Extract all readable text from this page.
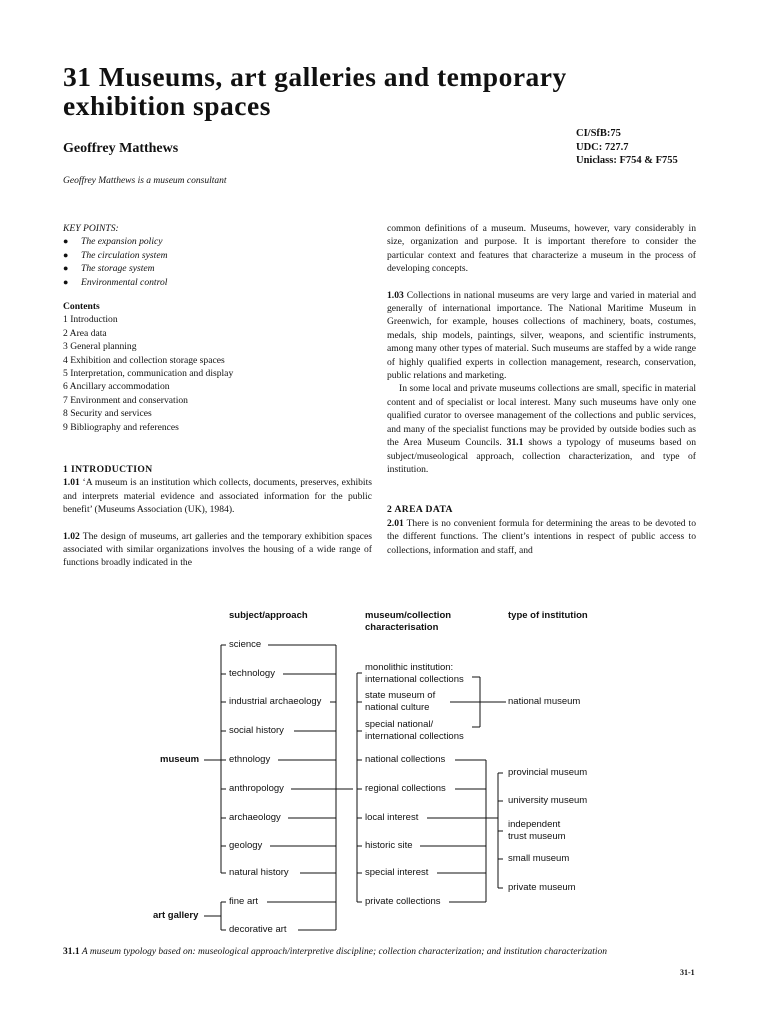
31 Museums, art galleries and temporary exhibition spaces
Geoffrey Matthews
CI/SfB:75
UDC: 727.7
Uniclass: F754 & F755
Geoffrey Matthews is a museum consultant
KEY POINTS:
● The expansion policy
● The circulation system
● The storage system
● Environmental control
Contents
1 Introduction
2 Area data
3 General planning
4 Exhibition and collection storage spaces
5 Interpretation, communication and display
6 Ancillary accommodation
7 Environment and conservation
8 Security and services
9 Bibliography and references
1 INTRODUCTION

1.01 ‘A museum is an institution which collects, documents, preserves, exhibits and interprets material evidence and associated information for the public benefit’ (Museums Association (UK), 1984).

1.02 The design of museums, art galleries and the temporary exhibition spaces associated with similar organizations involves the housing of a wide range of functions broadly indicated in the

common definitions of a museum. Museums, however, vary considerably in size, organization and purpose. It is important therefore to consider the particular context and features that characterize a museum in the process of developing concepts.

1.03 Collections in national museums are very large and varied in material and generally of international importance. The National Maritime Museum in Greenwich, for example, houses collections of machinery, boats, costumes, medals, ship models, paintings, silver, weapons, and scientific instruments, among many other types of material. Such museums are staffed by a wide range of highly qualified experts in collection management, research, conservation, public relations and marketing.

In some local and private museums collections are small, specific in material content and of specialist or local interest. Many such museums have only one qualified curator to oversee management of the collections and public services, and many of the specialist functions may be provided by outside bodies such as the Area Museum Councils. 31.1 shows a typology of museums based on subject/museological approach, collection characterization, and type of institution.

2 AREA DATA

2.01 There is no convenient formula for determining the areas to be devoted to the different functions. The client’s intentions in respect of public access to collections, information and staff, and

subject/approach	museum/collection characterisation
type of institution
museum
art gallery
science
technology
industrial archaeology
social history
ethnology
anthropology
archaeology
geology
natural history
fine art
decorative art
monolithic institution: international collections
state museum of national culture
special national/ international collections
national collections
regional collections
local interest
historic site
special interest
private collections
national museum
provincial museum
university museum
independent trust museum
small museum
private museum
31.1 A museum typology based on: museological approach/interpretive discipline; collection characterization; and institution characterization
31-1
